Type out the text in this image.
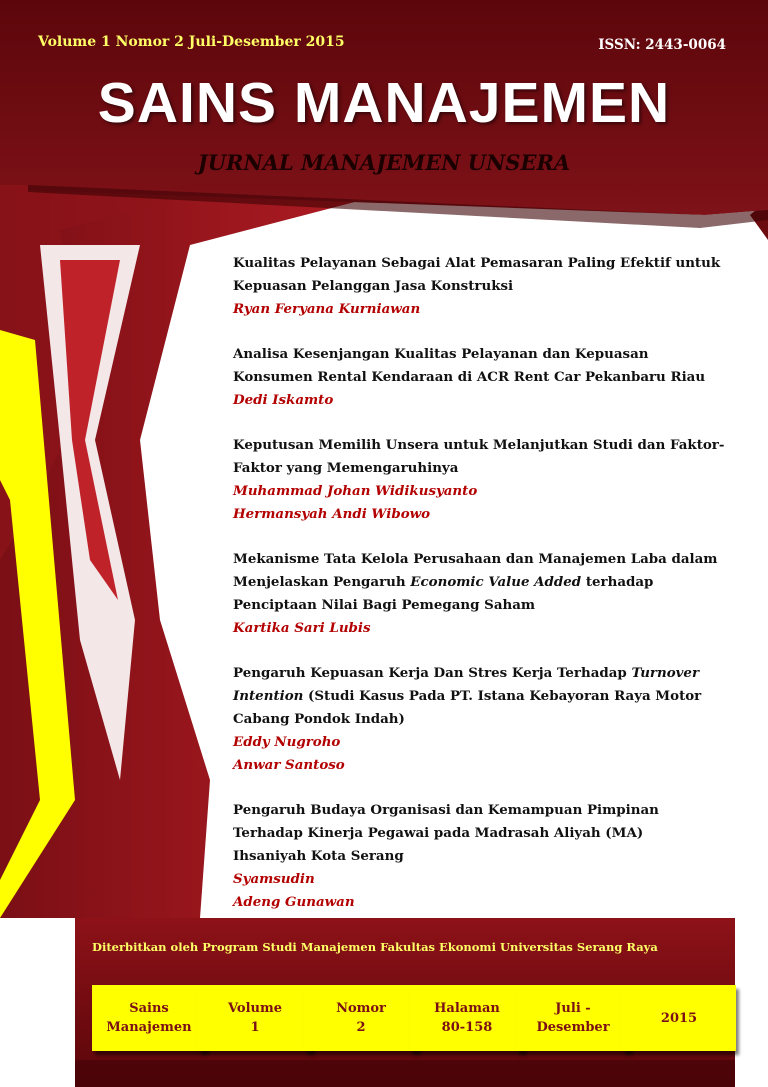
Volume 1 Nomor 2 Juli-Desember 2015	ISSN: 2443-0064
SAINS MANAJEMEN
JURNAL MANAJEMEN UNSERA

Kualitas Pelayanan Sebagai Alat Pemasaran Paling Efektif untuk

Kepuasan Pelanggan Jasa Konstruksi

Ryan Feryana Kurniawan

Analisa Kesenjangan Kualitas Pelayanan dan Kepuasan

Konsumen Rental Kendaraan di ACR Rent Car Pekanbaru Riau

Dedi Iskamto

Keputusan Memilih Unsera untuk Melanjutkan Studi dan Faktor-

Faktor yang Memengaruhinya

Muhammad Johan Widikusyanto

Hermansyah Andi Wibowo

Mekanisme Tata Kelola Perusahaan dan Manajemen Laba dalam

Menjelaskan Pengaruh Economic Value Added terhadap

Penciptaan Nilai Bagi Pemegang Saham

Kartika Sari Lubis

Pengaruh Kepuasan Kerja Dan Stres Kerja Terhadap Turnover

Intention (Studi Kasus Pada PT. Istana Kebayoran Raya Motor

Cabang Pondok Indah)

Eddy Nugroho

Anwar Santoso

Pengaruh Budaya Organisasi dan Kemampuan Pimpinan

Terhadap Kinerja Pegawai pada Madrasah Aliyah (MA)

Ihsaniyah Kota Serang

Syamsudin

Adeng Gunawan

Diterbitkan oleh Program Studi Manajemen Fakultas Ekonomi Universitas Serang Raya
Sains
Manajemen
Volume
1
Nomor
2
Halaman
80-158
Juli -
Desember
2015
